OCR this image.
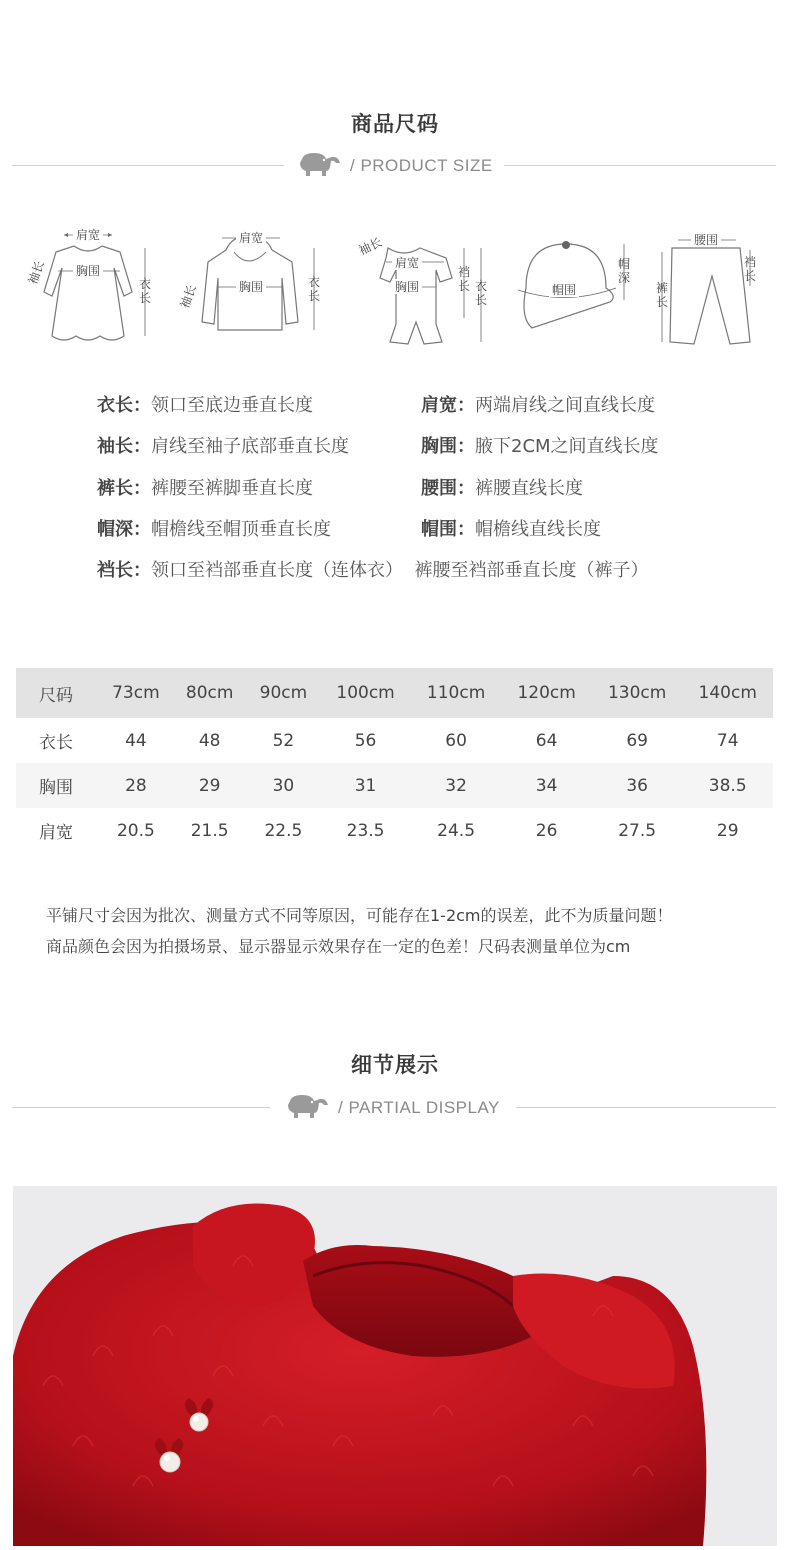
商品尺码
/ PRODUCT SIZE
肩宽
胸围
衣长
袖长
肩宽
胸围	衣长
袖长
肩宽
胸围
裆长 衣长
袖长
帽围
帽深
腰围
裤长
裆长
衣长：领口至底边垂直长度	肩宽：两端肩线之间直线长度
袖长：肩线至袖子底部垂直长度	胸围：腋下2CM之间直线长度
裤长：裤腰至裤脚垂直长度	腰围：裤腰直线长度
帽深：帽檐线至帽顶垂直长度	帽围：帽檐线直线长度
裆长：领口至裆部垂直长度（连体衣）  裤腰至裆部垂直长度（裤子）
尺码	73cm	80cm	90cm	100cm	110cm	120cm	130cm	140cm
衣长	44	48	52	56	60	64	69	74
胸围	28	29	30	31	32	34	36	38.5
肩宽	20.5	21.5	22.5	23.5	24.5	26	27.5	29
平铺尺寸会因为批次、测量方式不同等原因，可能存在1-2cm的误差，此不为质量问题！
商品颜色会因为拍摄场景、显示器显示效果存在一定的色差！尺码表测量单位为cm
细节展示
/ PARTIAL DISPLAY
